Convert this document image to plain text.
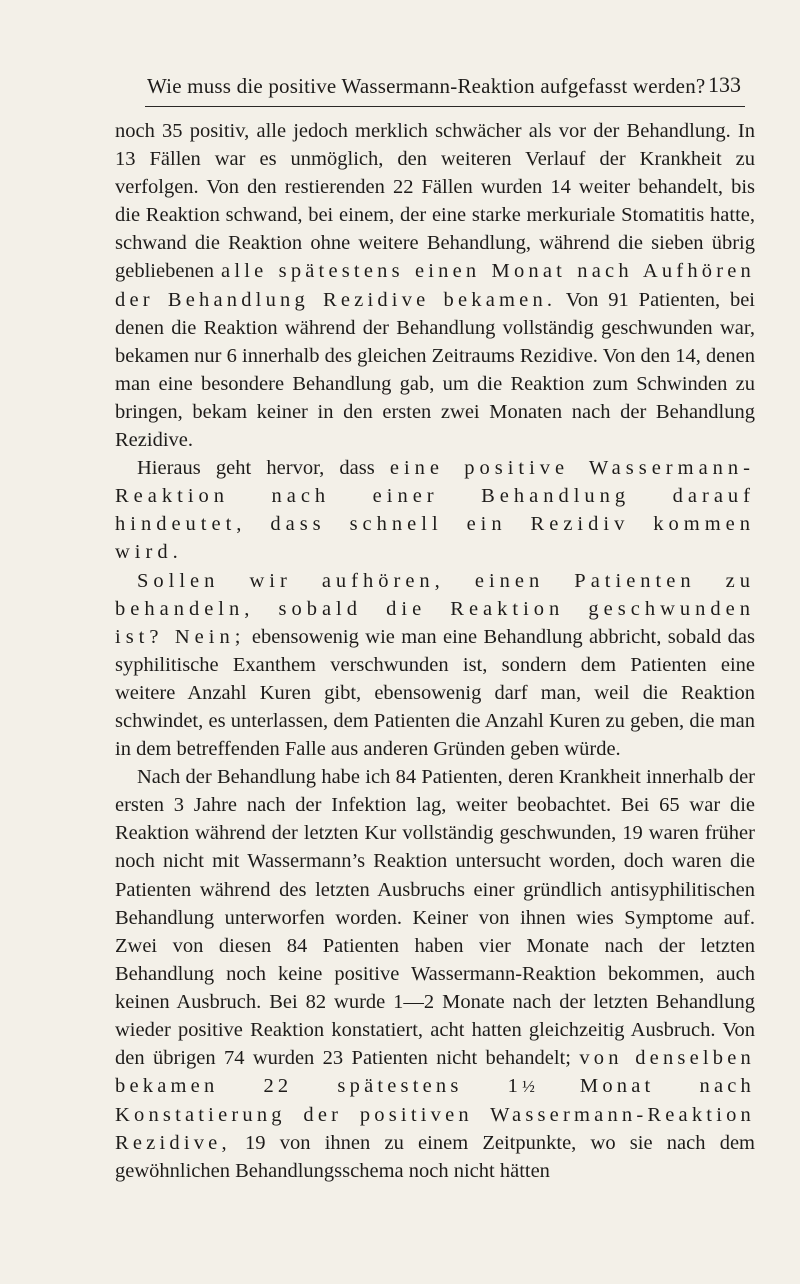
Wie muss die positive Wassermann-Reaktion aufgefasst werden? 133

noch 35 positiv, alle jedoch merklich schwächer als vor der Behandlung. In 13 Fällen war es unmöglich, den weiteren Verlauf der Krankheit zu verfolgen. Von den restierenden 22 Fällen wurden 14 weiter behandelt, bis die Reaktion schwand, bei einem, der eine starke merkuriale Stomatitis hatte, schwand die Reaktion ohne weitere Behandlung, während die sieben übrig gebliebenen alle spätestens einen Monat nach Aufhören der Behandlung Rezidive bekamen. Von 91 Patienten, bei denen die Reaktion während der Behandlung vollständig geschwunden war, bekamen nur 6 innerhalb des gleichen Zeitraums Rezidive. Von den 14, denen man eine besondere Behandlung gab, um die Reaktion zum Schwinden zu bringen, bekam keiner in den ersten zwei Monaten nach der Behandlung Rezidive.

Hieraus geht hervor, dass eine positive Wassermann-Reaktion nach einer Behandlung darauf hindeutet, dass schnell ein Rezidiv kommen wird.

Sollen wir aufhören, einen Patienten zu behandeln, sobald die Reaktion geschwunden ist? Nein; ebensowenig wie man eine Behandlung abbricht, sobald das syphilitische Exanthem verschwunden ist, sondern dem Patienten eine weitere Anzahl Kuren gibt, ebensowenig darf man, weil die Reaktion schwindet, es unterlassen, dem Patienten die Anzahl Kuren zu geben, die man in dem betreffenden Falle aus anderen Gründen geben würde.

Nach der Behandlung habe ich 84 Patienten, deren Krankheit innerhalb der ersten 3 Jahre nach der Infektion lag, weiter beobachtet. Bei 65 war die Reaktion während der letzten Kur vollständig geschwunden, 19 waren früher noch nicht mit Wassermann’s Reaktion untersucht worden, doch waren die Patienten während des letzten Ausbruchs einer gründlich antisyphilitischen Behandlung unterworfen worden. Keiner von ihnen wies Symptome auf. Zwei von diesen 84 Patienten haben vier Monate nach der letzten Behandlung noch keine positive Wassermann-Reaktion bekommen, auch keinen Ausbruch. Bei 82 wurde 1—2 Monate nach der letzten Behandlung wieder positive Reaktion konstatiert, acht hatten gleichzeitig Ausbruch. Von den übrigen 74 wurden 23 Patienten nicht behandelt; von denselben bekamen 22 spätestens 1½ Monat nach Konstatierung der positiven Wassermann-Reaktion Rezidive, 19 von ihnen zu einem Zeitpunkte, wo sie nach dem gewöhnlichen Behandlungsschema noch nicht hätten
